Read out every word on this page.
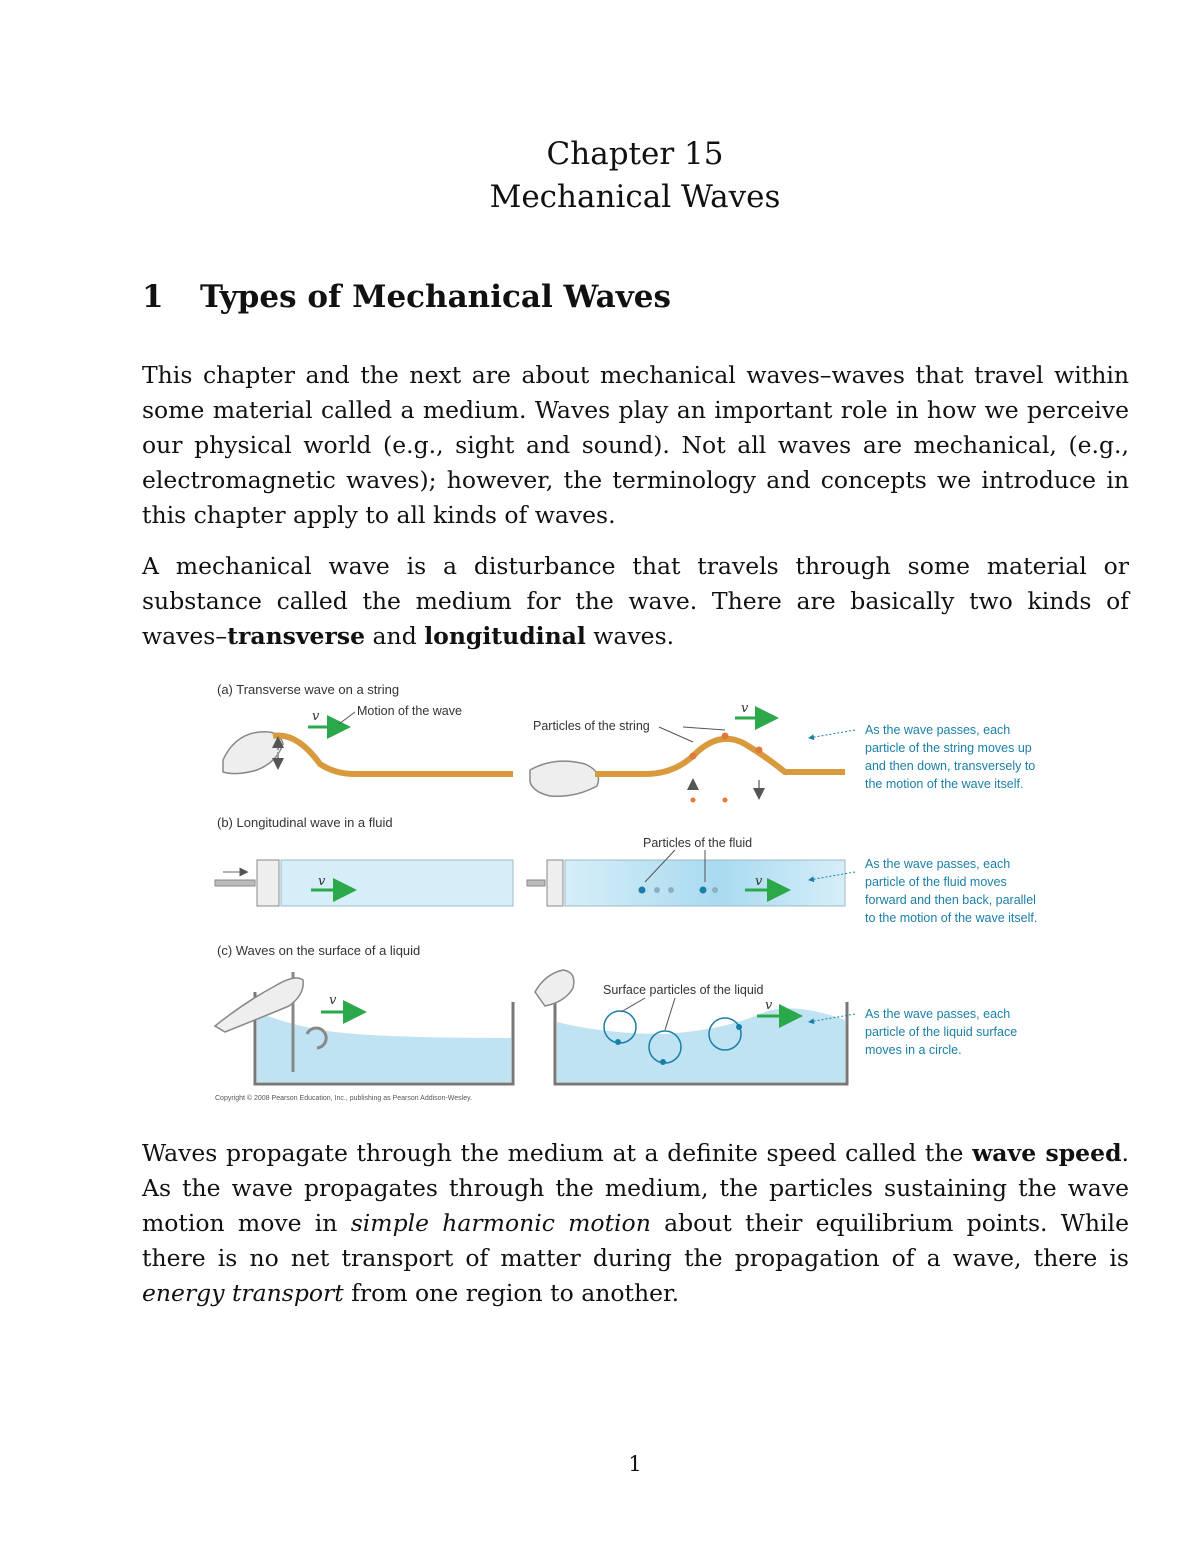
Chapter 15
Mechanical Waves
1 Types of Mechanical Waves

This chapter and the next are about mechanical waves–waves that travel within some material called a medium. Waves play an important role in how we perceive our physical world (e.g., sight and sound). Not all waves are mechanical, (e.g., electromagnetic waves); however, the terminology and concepts we introduce in this chapter apply to all kinds of waves.

A mechanical wave is a disturbance that travels through some material or substance called the medium for the wave. There are basically two kinds of waves–transverse and longitudinal waves.

(a) Transverse wave on a string
v	Motion of the wave
Particles of the string
v
As the wave passes, each particle of the string moves up and then down, transversely to the motion of the wave itself.
(b) Longitudinal wave in a fluid
v
Particles of the fluid
v
As the wave passes, each particle of the fluid moves forward and then back, parallel to the motion of the wave itself.
(c) Waves on the surface of a liquid
v
Surface particles of the liquid
v
As the wave passes, each particle of the liquid surface moves in a circle.
Copyright © 2008 Pearson Education, Inc., publishing as Pearson Addison-Wesley.

Waves propagate through the medium at a definite speed called the wave speed. As the wave propagates through the medium, the particles sustaining the wave motion move in simple harmonic motion about their equilibrium points. While there is no net transport of matter during the propagation of a wave, there is energy transport from one region to another.

1
